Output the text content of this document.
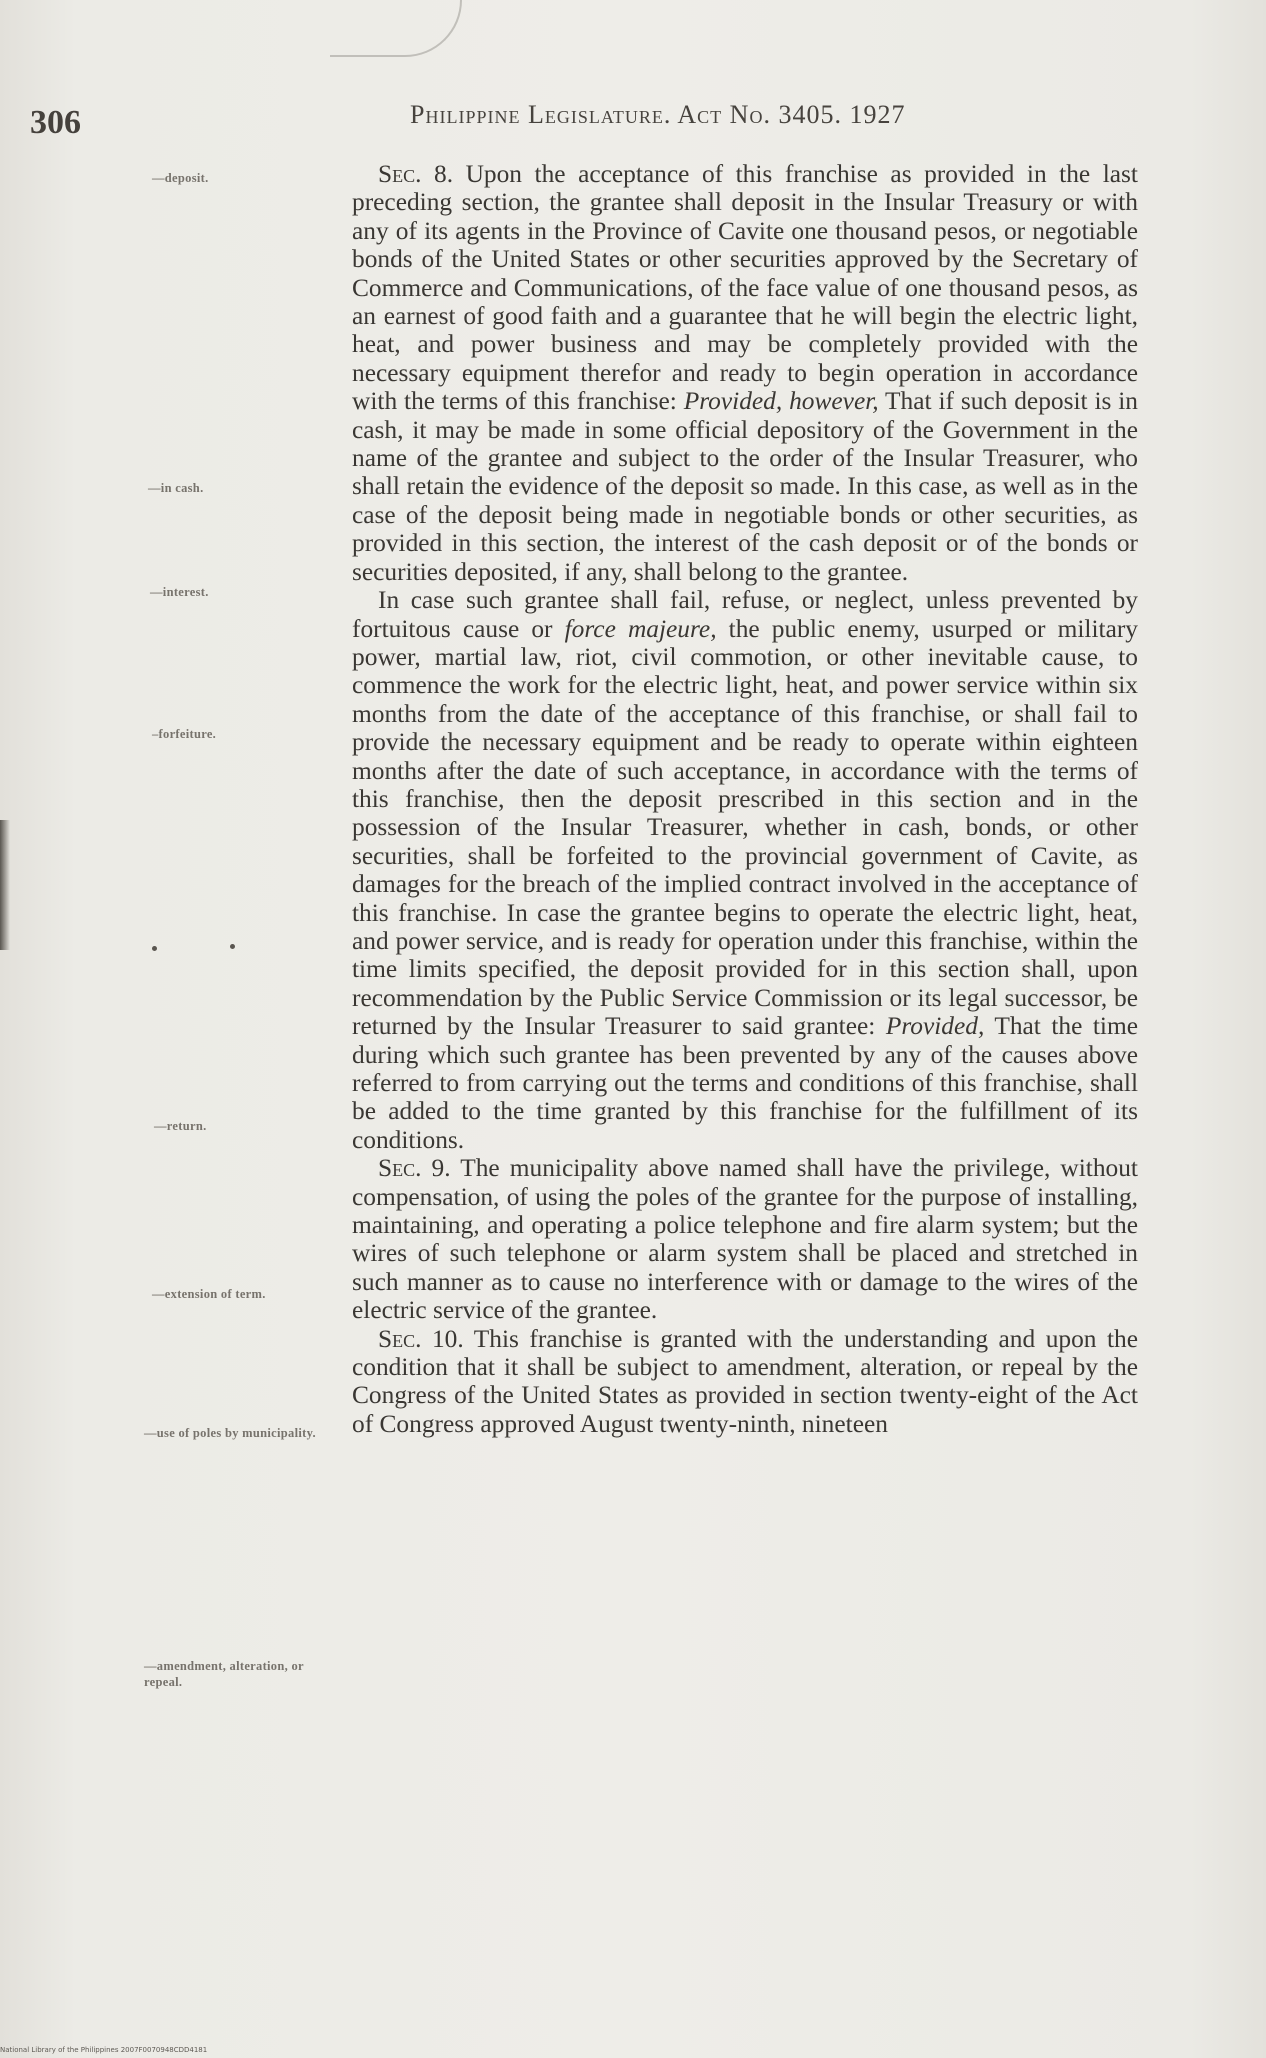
306	Philippine Legislature. Act No. 3405. 1927
—deposit.
—in cash.
—interest.
–forfeiture.
—return.
—extension of term.
—use of poles by municipality.
—amendment, alteration, or repeal.

Sec. 8. Upon the acceptance of this franchise as provided in the last preceding section, the grantee shall deposit in the Insular Treasury or with any of its agents in the Province of Cavite one thousand pesos, or negotiable bonds of the United States or other securities approved by the Secretary of Commerce and Communications, of the face value of one thousand pesos, as an earnest of good faith and a guarantee that he will begin the electric light, heat, and power business and may be completely provided with the necessary equipment therefor and ready to begin operation in accordance with the terms of this franchise: Provided, however, That if such deposit is in cash, it may be made in some official depository of the Government in the name of the grantee and subject to the order of the Insular Treasurer, who shall retain the evidence of the deposit so made. In this case, as well as in the case of the deposit being made in negotiable bonds or other securities, as provided in this section, the interest of the cash deposit or of the bonds or securities deposited, if any, shall belong to the grantee.

In case such grantee shall fail, refuse, or neglect, unless prevented by fortuitous cause or force majeure, the public enemy, usurped or military power, martial law, riot, civil commotion, or other inevitable cause, to commence the work for the electric light, heat, and power service within six months from the date of the acceptance of this franchise, or shall fail to provide the necessary equipment and be ready to operate within eighteen months after the date of such acceptance, in accordance with the terms of this franchise, then the deposit prescribed in this section and in the possession of the Insular Treasurer, whether in cash, bonds, or other securities, shall be forfeited to the provincial government of Cavite, as damages for the breach of the implied contract involved in the acceptance of this franchise. In case the grantee begins to operate the electric light, heat, and power service, and is ready for operation under this franchise, within the time limits specified, the deposit provided for in this section shall, upon recommendation by the Public Service Commission or its legal successor, be returned by the Insular Treasurer to said grantee: Provided, That the time during which such grantee has been prevented by any of the causes above referred to from carrying out the terms and conditions of this franchise, shall be added to the time granted by this franchise for the fulfillment of its conditions.

Sec. 9. The municipality above named shall have the privilege, without compensation, of using the poles of the grantee for the purpose of installing, maintaining, and operating a police telephone and fire alarm system; but the wires of such telephone or alarm system shall be placed and stretched in such manner as to cause no interference with or damage to the wires of the electric service of the grantee.

Sec. 10. This franchise is granted with the understanding and upon the condition that it shall be subject to amendment, alteration, or repeal by the Congress of the United States as provided in section twenty-eight of the Act of Congress approved August twenty-ninth, nineteen

National Library of the Philippines 2007F0070948CDD4181
